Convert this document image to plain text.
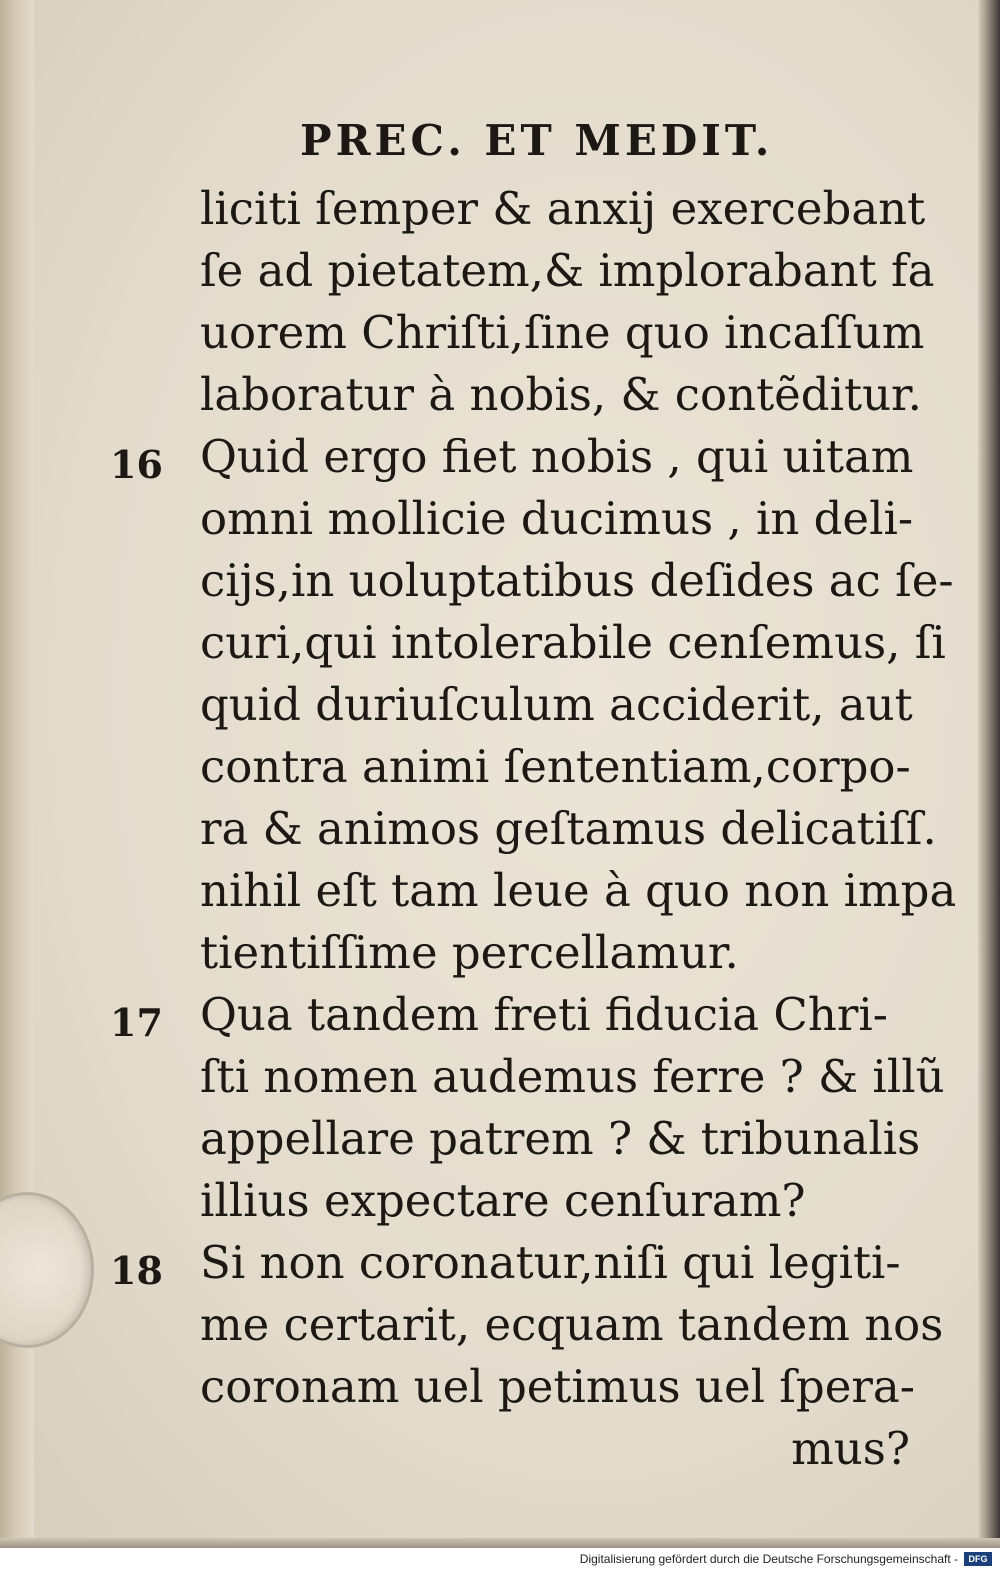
PREC. ET MEDIT.
liciti ſemper & anxij exercebant
ſe ad pietatem,& implorabant fa
uorem Chriſti,ſine quo incaſſum
laboratur à nobis, & contẽditur.
16 Quid ergo fiet nobis , qui uitam
omni mollicie ducimus , in deli-
cijs,in uoluptatibus deſides ac ſe-
curi,qui intolerabile cenſemus, ſi
quid duriuſculum acciderit, aut
contra animi ſententiam,corpo-
ra & animos geſtamus delicatiſſ.
nihil eſt tam leue à quo non impa
tientiſſime percellamur.
17 Qua tandem freti fiducia Chri-
ſti nomen audemus ferre ? & illũ
appellare patrem ? & tribunalis
illius expectare cenſuram?
18 Si non coronatur,niſi qui legiti-
me certarit, ecquam tandem nos
coronam uel petimus uel ſpera-
mus?
Digitalisierung gefördert durch die Deutsche Forschungsgemeinschaft -	DFG
